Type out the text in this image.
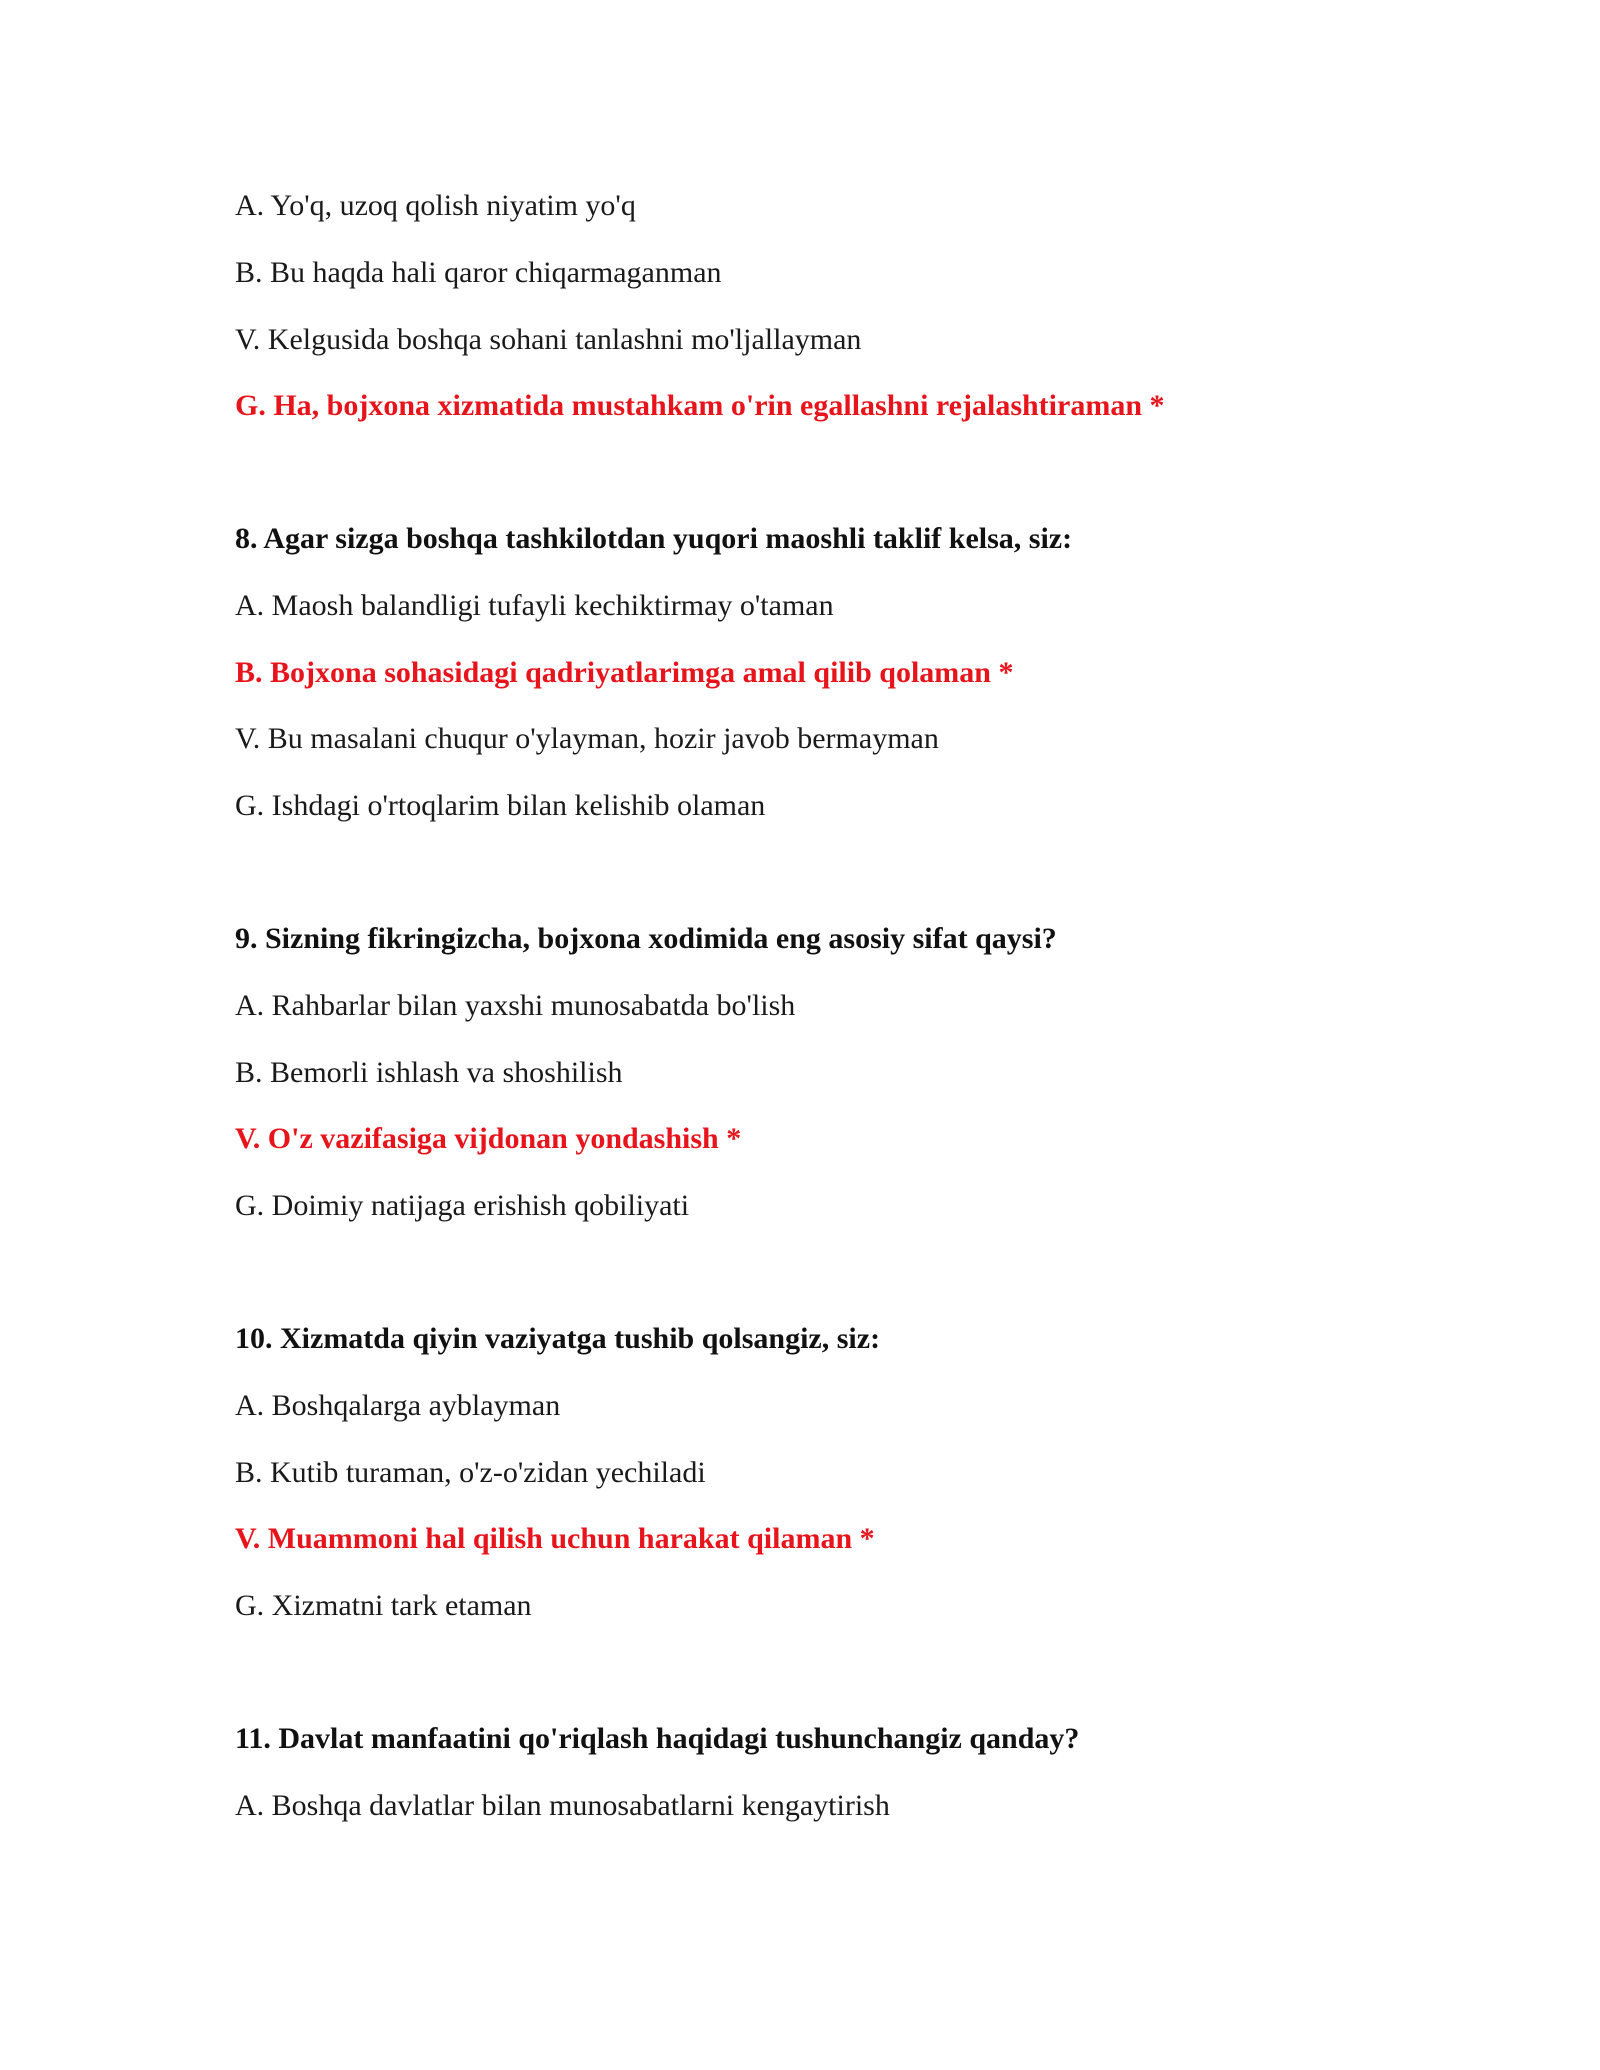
A. Yo'q, uzoq qolish niyatim yo'q
B. Bu haqda hali qaror chiqarmaganman
V. Kelgusida boshqa sohani tanlashni mo'ljallayman
G. Ha, bojxona xizmatida mustahkam o'rin egallashni rejalashtiraman *
8. Agar sizga boshqa tashkilotdan yuqori maoshli taklif kelsa, siz:
A. Maosh balandligi tufayli kechiktirmay o'taman
B. Bojxona sohasidagi qadriyatlarimga amal qilib qolaman *
V. Bu masalani chuqur o'ylayman, hozir javob bermayman
G. Ishdagi o'rtoqlarim bilan kelishib olaman
9. Sizning fikringizcha, bojxona xodimida eng asosiy sifat qaysi?
A. Rahbarlar bilan yaxshi munosabatda bo'lish
B. Bemorli ishlash va shoshilish
V. O'z vazifasiga vijdonan yondashish *
G. Doimiy natijaga erishish qobiliyati
10. Xizmatda qiyin vaziyatga tushib qolsangiz, siz:
A. Boshqalarga ayblayman
B. Kutib turaman, o'z-o'zidan yechiladi
V. Muammoni hal qilish uchun harakat qilaman *
G. Xizmatni tark etaman
11. Davlat manfaatini qo'riqlash haqidagi tushunchangiz qanday?
A. Boshqa davlatlar bilan munosabatlarni kengaytirish
